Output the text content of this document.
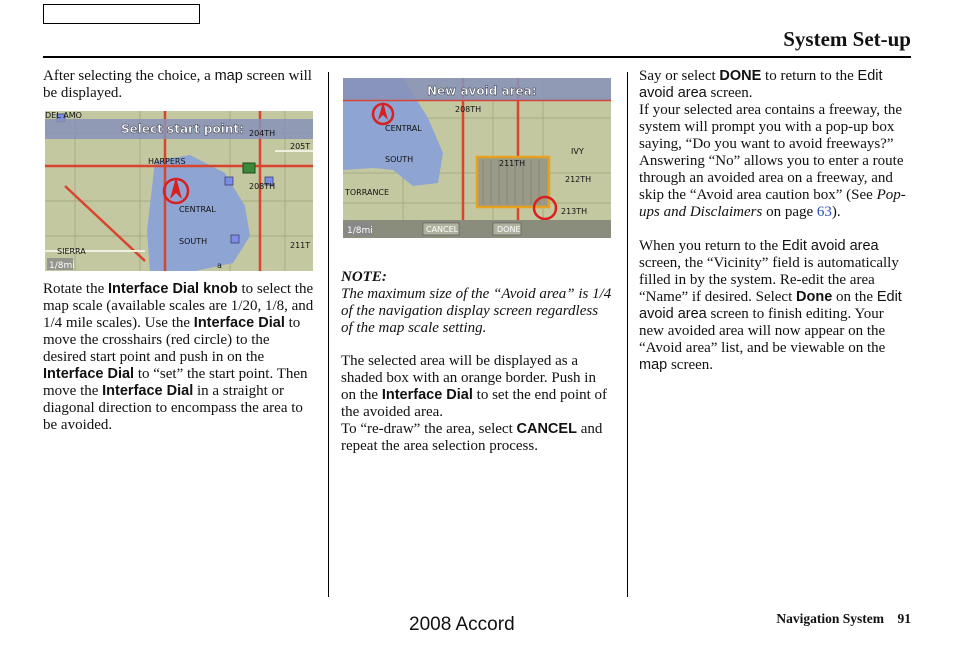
System Set-up

After selecting the choice, a map screen will be displayed.

Select start point:
DEL AMO
204TH
205T
HARPERS
208TH
CENTRAL
SOUTH
SIERRA
211T
a
1/8mi

Rotate the Interface Dial knob to select the map scale (available scales are 1/20, 1/8, and 1/4 mile scales). Use the Interface Dial to move the crosshairs (red circle) to the desired start point and push in on the Interface Dial to “set” the start point. Then move the Interface Dial in a straight or diagonal direction to encompass the area to be avoided.

New avoid area:
208TH
CENTRAL
SOUTH
TORRANCE
211TH
212TH
213TH
IVY
1/8mi	CANCEL	DONE

NOTE:

The maximum size of the “Avoid area” is 1/4 of the navigation display screen regardless of the map scale setting.

The selected area will be displayed as a shaded box with an orange border. Push in on the Interface Dial to set the end point of the avoided area.

To “re-draw” the area, select CANCEL and repeat the area selection process.

Say or select DONE to return to the Edit avoid area screen.

If your selected area contains a freeway, the system will prompt you with a pop-up box saying, “Do you want to avoid freeways?” Answering “No” allows you to enter a route through an avoided area on a freeway, and skip the “Avoid area caution box” (See Pop-ups and Disclaimers on page 63).

When you return to the Edit avoid area screen, the “Vicinity” field is automatically filled in by the system. Re-edit the area “Name” if desired. Select Done on the Edit avoid area screen to finish editing. Your new avoided area will now appear on the “Avoid area” list, and be viewable on the map screen.

2008 Accord	Navigation System 91
